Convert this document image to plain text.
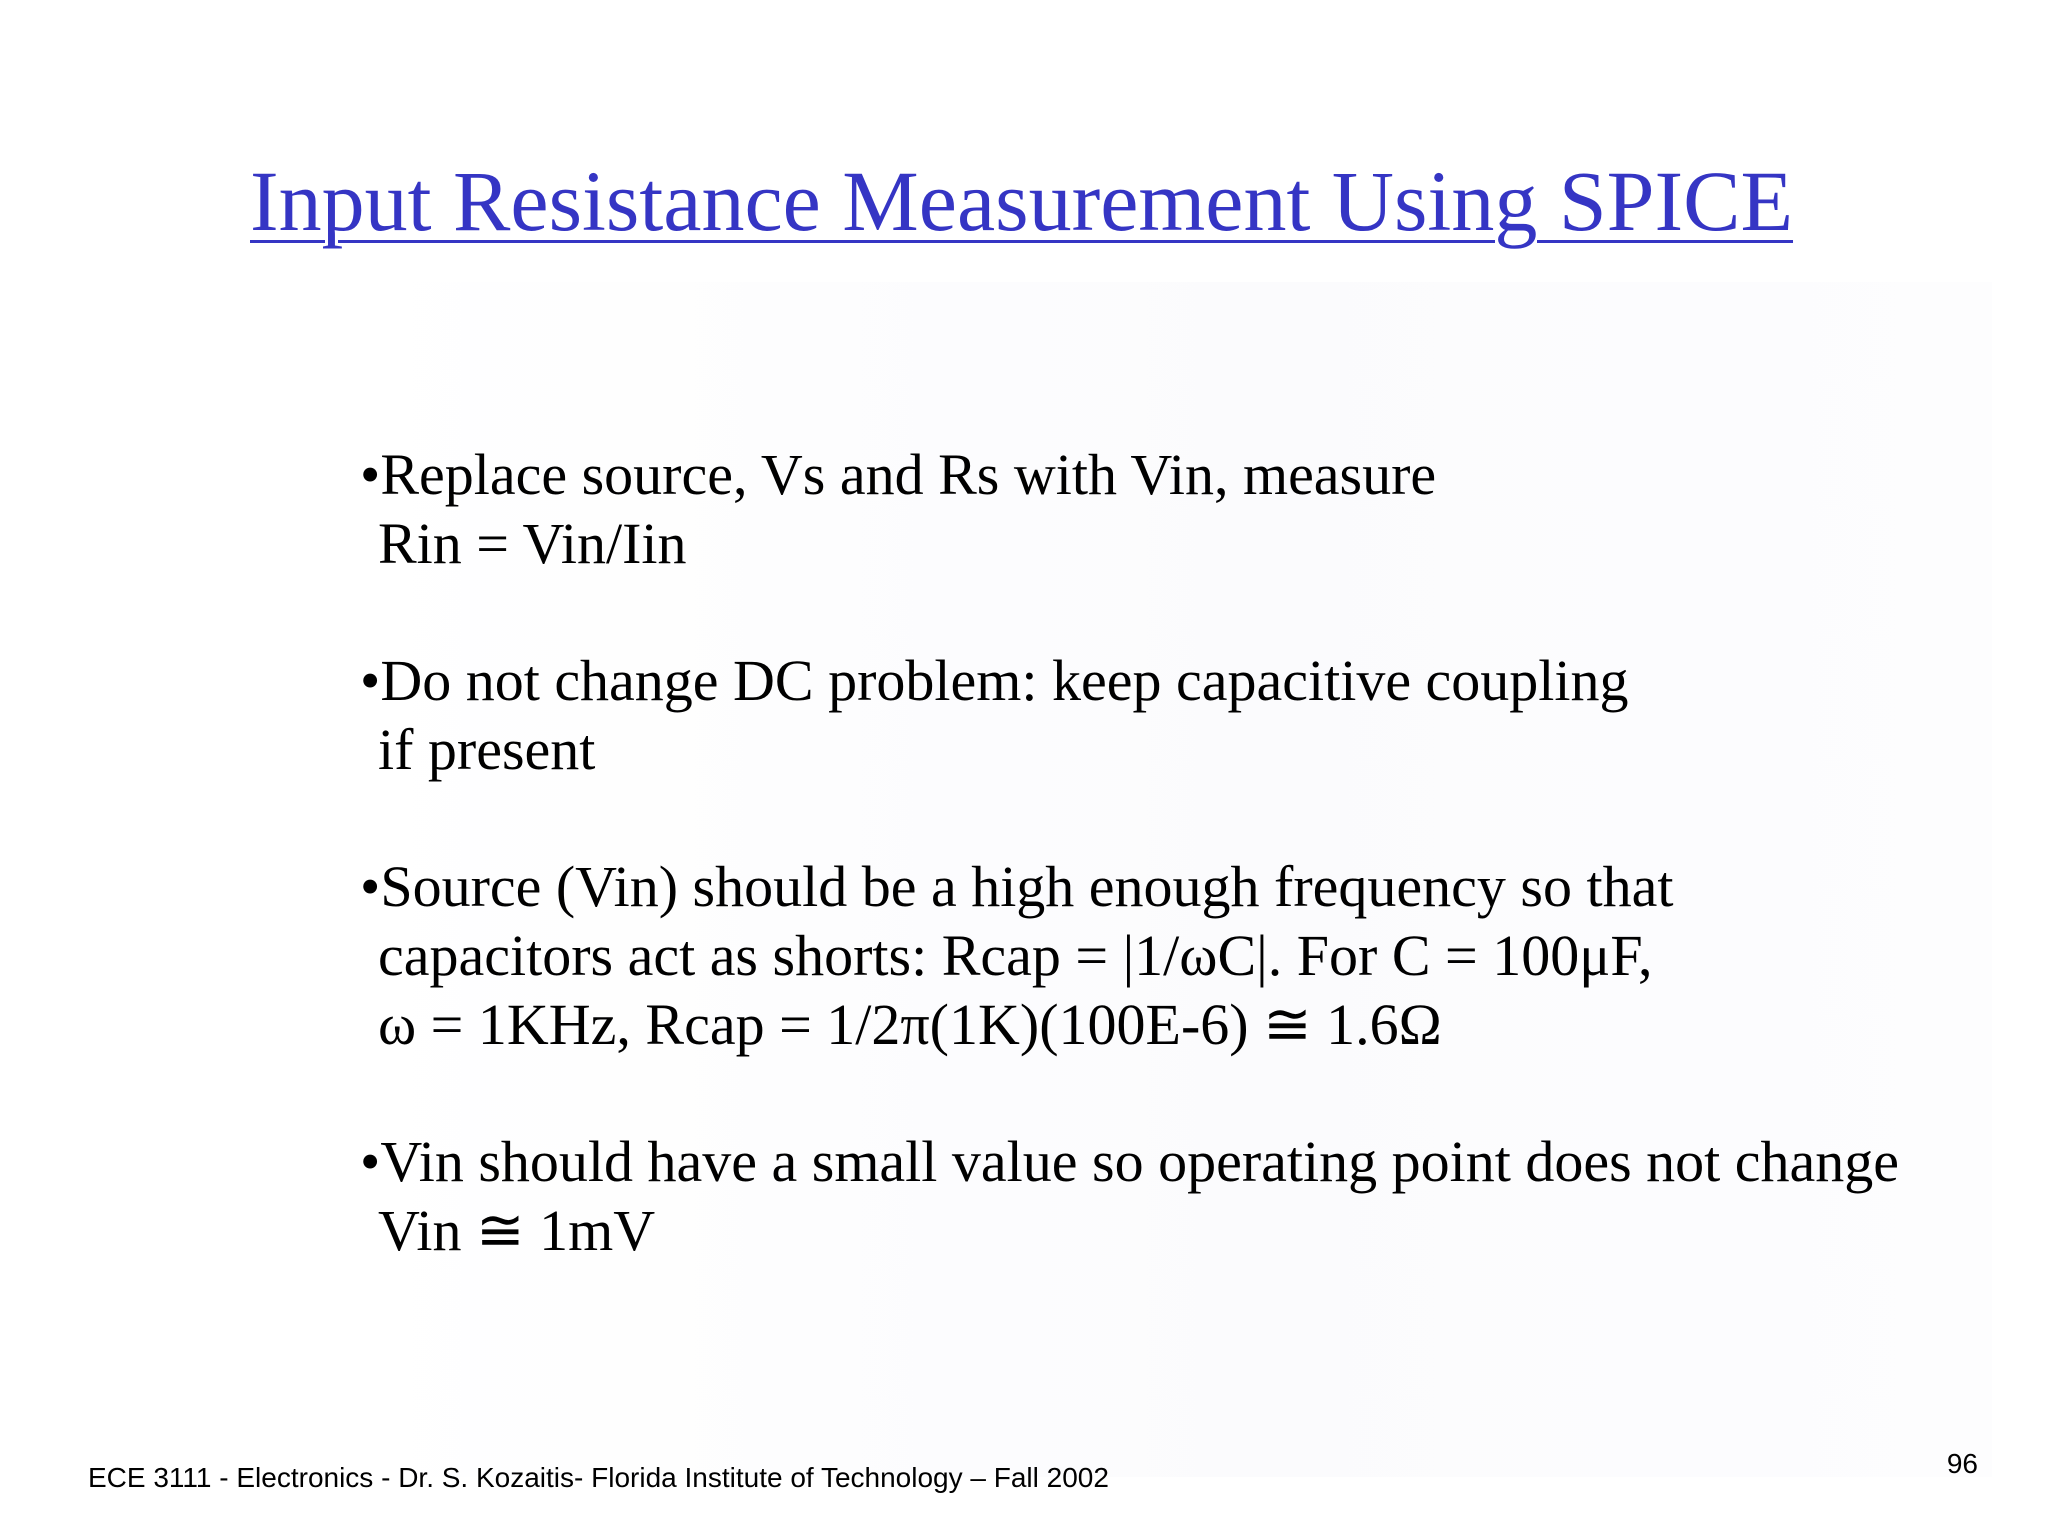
Input Resistance Measurement Using SPICE
•Replace source, Vs and Rs with Vin, measure
Rin = Vin/Iin
•Do not change DC problem: keep capacitive coupling
if present
•Source (Vin) should be a high enough frequency so that
capacitors act as shorts: Rcap = |1/ωC|. For C = 100μF,
ω = 1KHz, Rcap = 1/2π(1K)(100E-6) ≅ 1.6Ω
•Vin should have a small value so operating point does not change
Vin ≅ 1mV
ECE 3111 - Electronics - Dr. S. Kozaitis- Florida Institute of Technology – Fall 2002	96
